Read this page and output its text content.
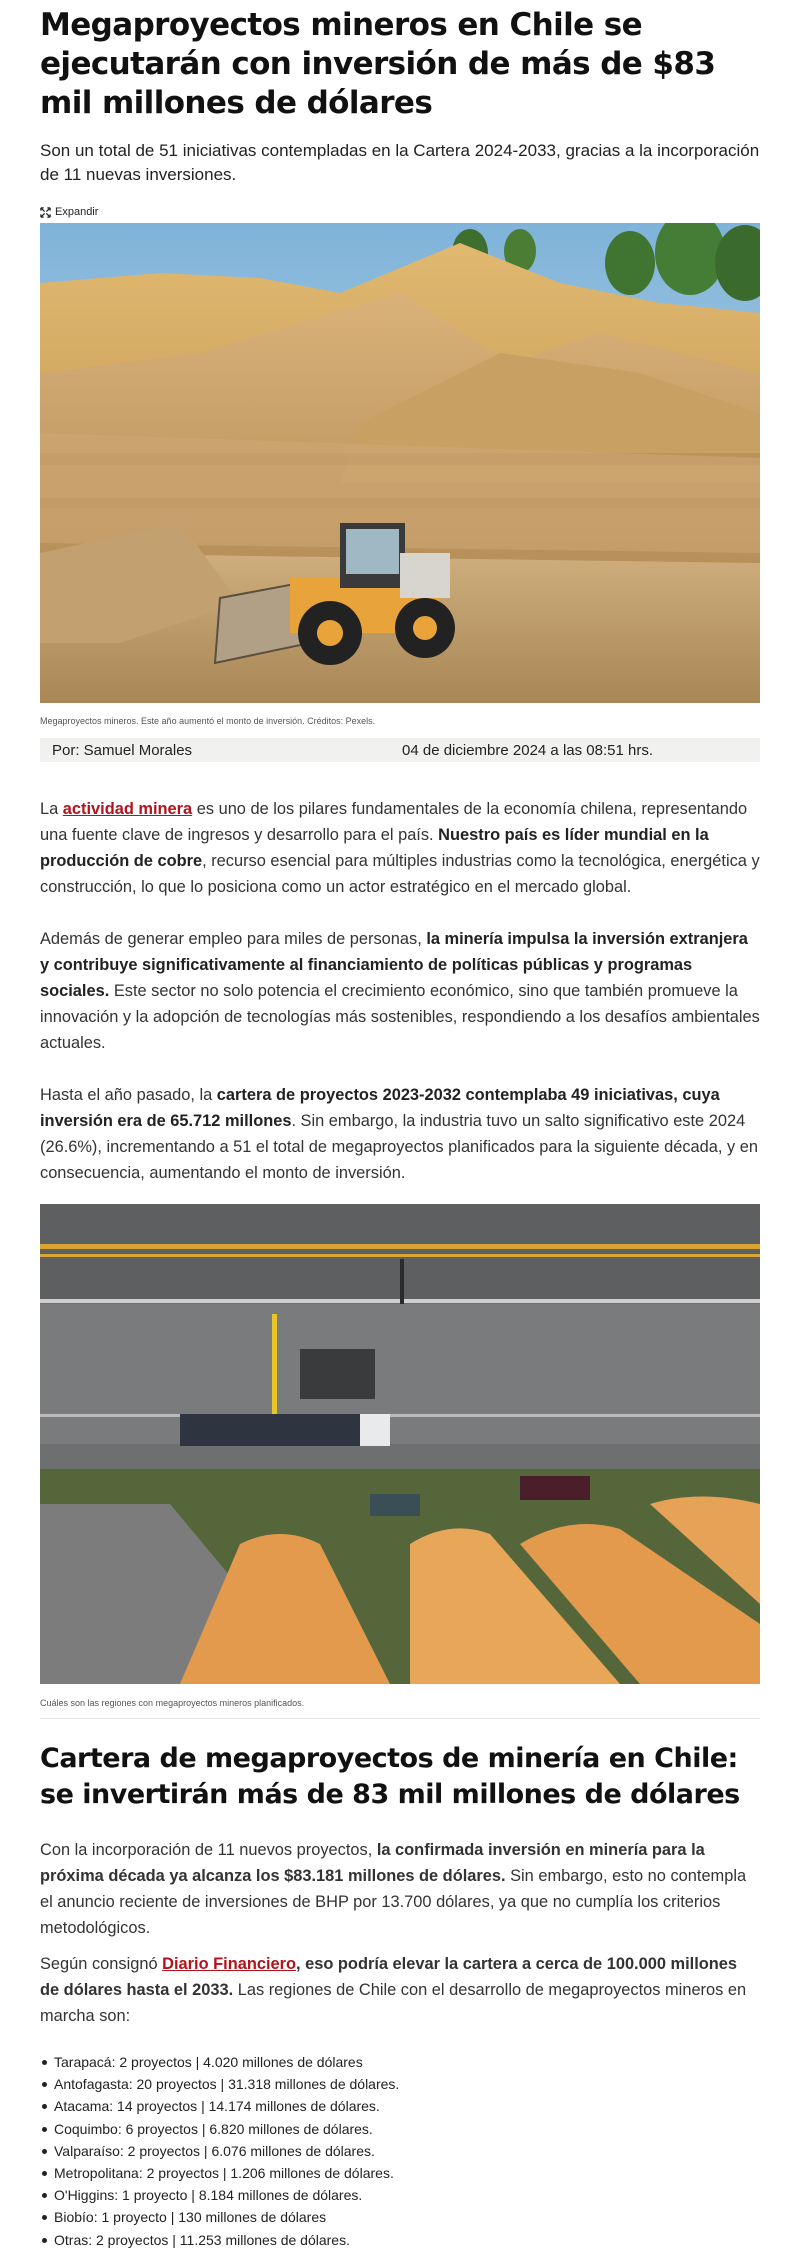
Megaproyectos mineros en Chile se ejecutarán con inversión de más de $83 mil millones de dólares

Son un total de 51 iniciativas contempladas en la Cartera 2024-2033, gracias a la incorporación de 11 nuevas inversiones.

Expandir

Megaproyectos mineros. Este año aumentó el monto de inversión. Créditos: Pexels.

Por: Samuel Morales	04 de diciembre 2024 a las 08:51 hrs.

La actividad minera es uno de los pilares fundamentales de la economía chilena, representando una fuente clave de ingresos y desarrollo para el país. Nuestro país es líder mundial en la producción de cobre, recurso esencial para múltiples industrias como la tecnológica, energética y construcción, lo que lo posiciona como un actor estratégico en el mercado global.

Además de generar empleo para miles de personas, la minería impulsa la inversión extranjera y contribuye significativamente al financiamiento de políticas públicas y programas sociales. Este sector no solo potencia el crecimiento económico, sino que también promueve la innovación y la adopción de tecnologías más sostenibles, respondiendo a los desafíos ambientales actuales.

Hasta el año pasado, la cartera de proyectos 2023-2032 contemplaba 49 iniciativas, cuya inversión era de 65.712 millones. Sin embargo, la industria tuvo un salto significativo este 2024 (26.6%), incrementando a 51 el total de megaproyectos planificados para la siguiente década, y en consecuencia, aumentando el monto de inversión.

Cuáles son las regiones con megaproyectos mineros planificados.

Cartera de megaproyectos de minería en Chile: se invertirán más de 83 mil millones de dólares

Con la incorporación de 11 nuevos proyectos, la confirmada inversión en minería para la próxima década ya alcanza los $83.181 millones de dólares. Sin embargo, esto no contempla el anuncio reciente de inversiones de BHP por 13.700 dólares, ya que no cumplía los criterios metodológicos.

Según consignó Diario Financiero, eso podría elevar la cartera a cerca de 100.000 millones de dólares hasta el 2033. Las regiones de Chile con el desarrollo de megaproyectos mineros en marcha son:

Tarapacá: 2 proyectos | 4.020 millones de dólares
Antofagasta: 20 proyectos | 31.318 millones de dólares.
Atacama: 14 proyectos | 14.174 millones de dólares.
Coquimbo: 6 proyectos | 6.820 millones de dólares.
Valparaíso: 2 proyectos | 6.076 millones de dólares.
Metropolitana: 2 proyectos | 1.206 millones de dólares.
O'Higgins: 1 proyecto | 8.184 millones de dólares.
Biobío: 1 proyecto | 130 millones de dólares
Otras: 2 proyectos | 11.253 millones de dólares.
